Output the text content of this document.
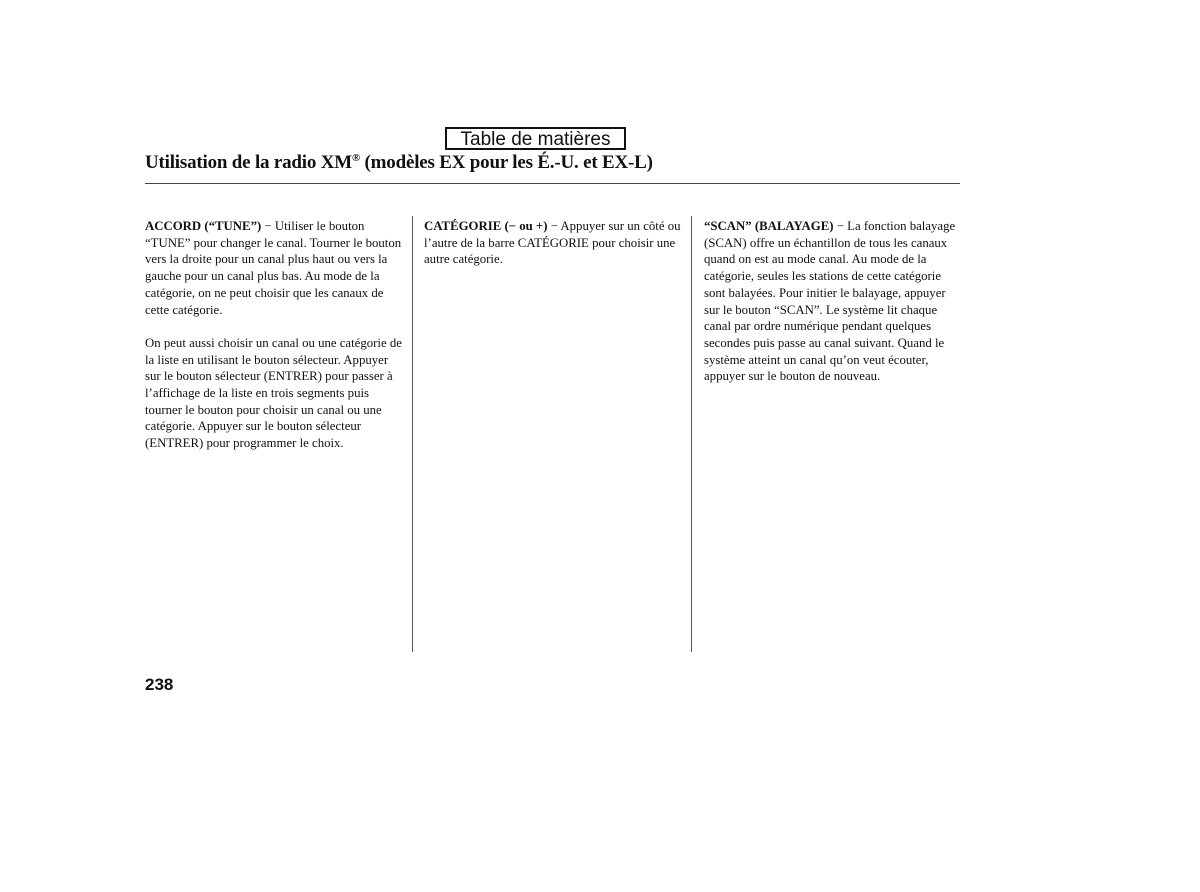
Table de matières
Utilisation de la radio XM® (modèles EX pour les É.-U. et EX-L)

ACCORD (“TUNE”) − Utiliser le bouton “TUNE” pour changer le canal. Tourner le bouton vers la droite pour un canal plus haut ou vers la gauche pour un canal plus bas. Au mode de la catégorie, on ne peut choisir que les canaux de cette catégorie.

On peut aussi choisir un canal ou une catégorie de la liste en utilisant le bouton sélecteur. Appuyer sur le bouton sélecteur (ENTRER) pour passer à l’affichage de la liste en trois segments puis tourner le bouton pour choisir un canal ou une catégorie. Appuyer sur le bouton sélecteur (ENTRER) pour programmer le choix.

CATÉGORIE (− ou +) − Appuyer sur un côté ou l’autre de la barre CATÉGORIE pour choisir une autre catégorie.

“SCAN” (BALAYAGE) − La fonction balayage (SCAN) offre un échantillon de tous les canaux quand on est au mode canal. Au mode de la catégorie, seules les stations de cette catégorie sont balayées. Pour initier le balayage, appuyer sur le bouton “SCAN”. Le système lit chaque canal par ordre numérique pendant quelques secondes puis passe au canal suivant. Quand le système atteint un canal qu’on veut écouter, appuyer sur le bouton de nouveau.

238
